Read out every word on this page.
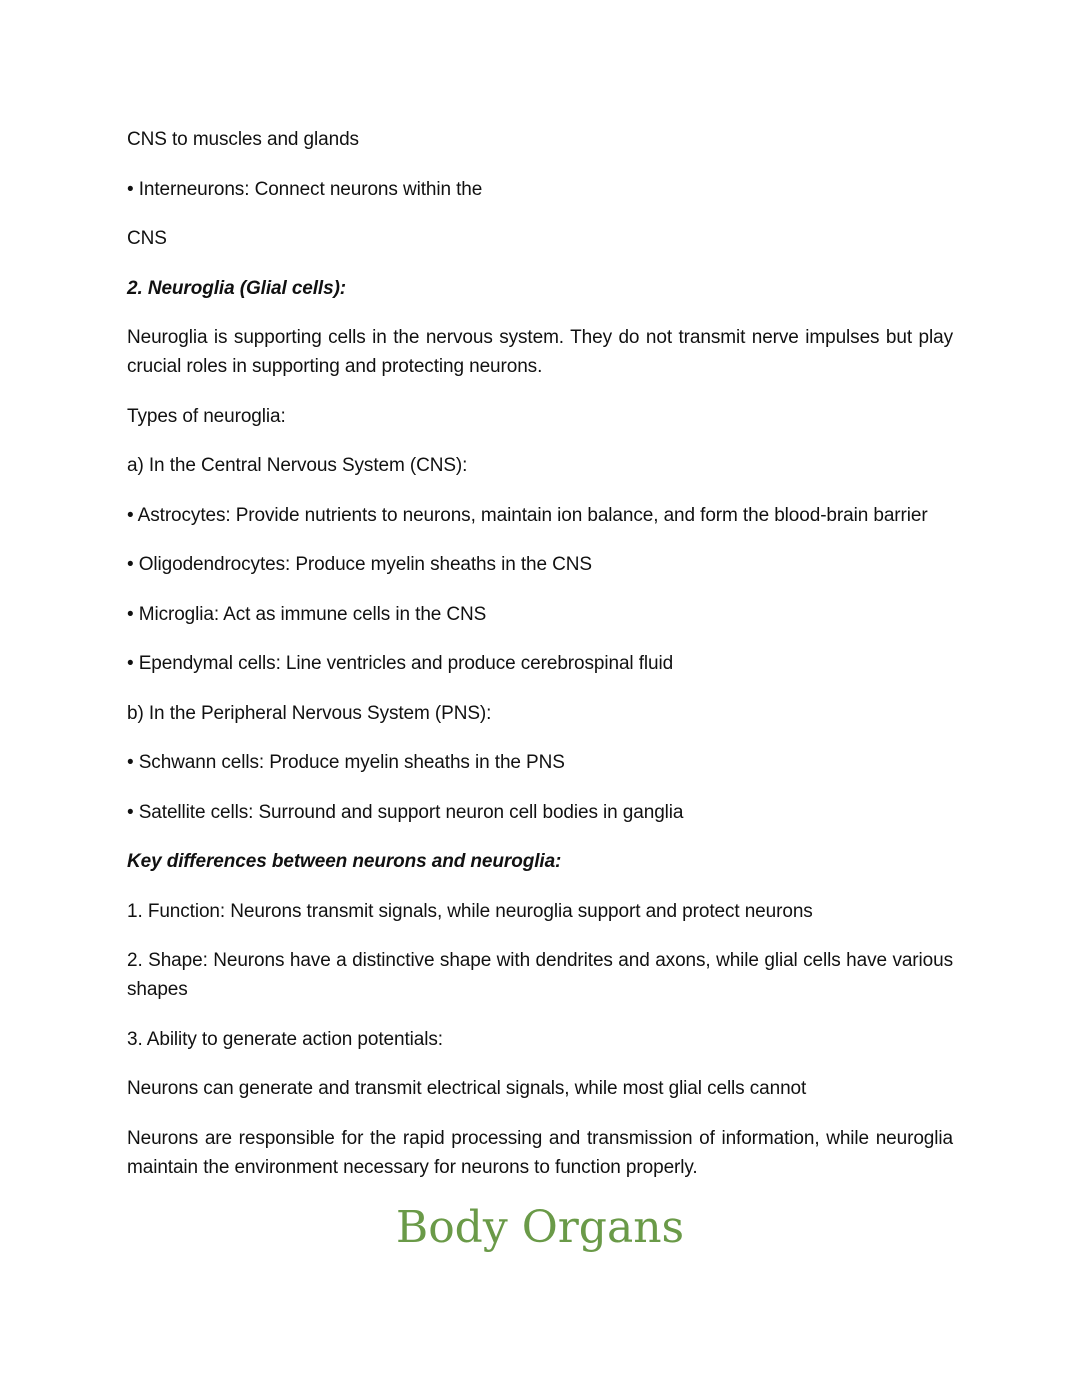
CNS to muscles and glands

• Interneurons: Connect neurons within the

CNS

2. Neuroglia (Glial cells):

Neuroglia is supporting cells in the nervous system. They do not transmit nerve impulses but play crucial roles in supporting and protecting neurons.

Types of neuroglia:

a) In the Central Nervous System (CNS):

• Astrocytes: Provide nutrients to neurons, maintain ion balance, and form the blood-brain barrier

• Oligodendrocytes: Produce myelin sheaths in the CNS

• Microglia: Act as immune cells in the CNS

• Ependymal cells: Line ventricles and produce cerebrospinal fluid

b) In the Peripheral Nervous System (PNS):

• Schwann cells: Produce myelin sheaths in the PNS

• Satellite cells: Surround and support neuron cell bodies in ganglia

Key differences between neurons and neuroglia:

1. Function: Neurons transmit signals, while neuroglia support and protect neurons

2. Shape: Neurons have a distinctive shape with dendrites and axons, while glial cells have various shapes

3. Ability to generate action potentials:

Neurons can generate and transmit electrical signals, while most glial cells cannot

Neurons are responsible for the rapid processing and transmission of information, while neuroglia maintain the environment necessary for neurons to function properly.

Body Organs
